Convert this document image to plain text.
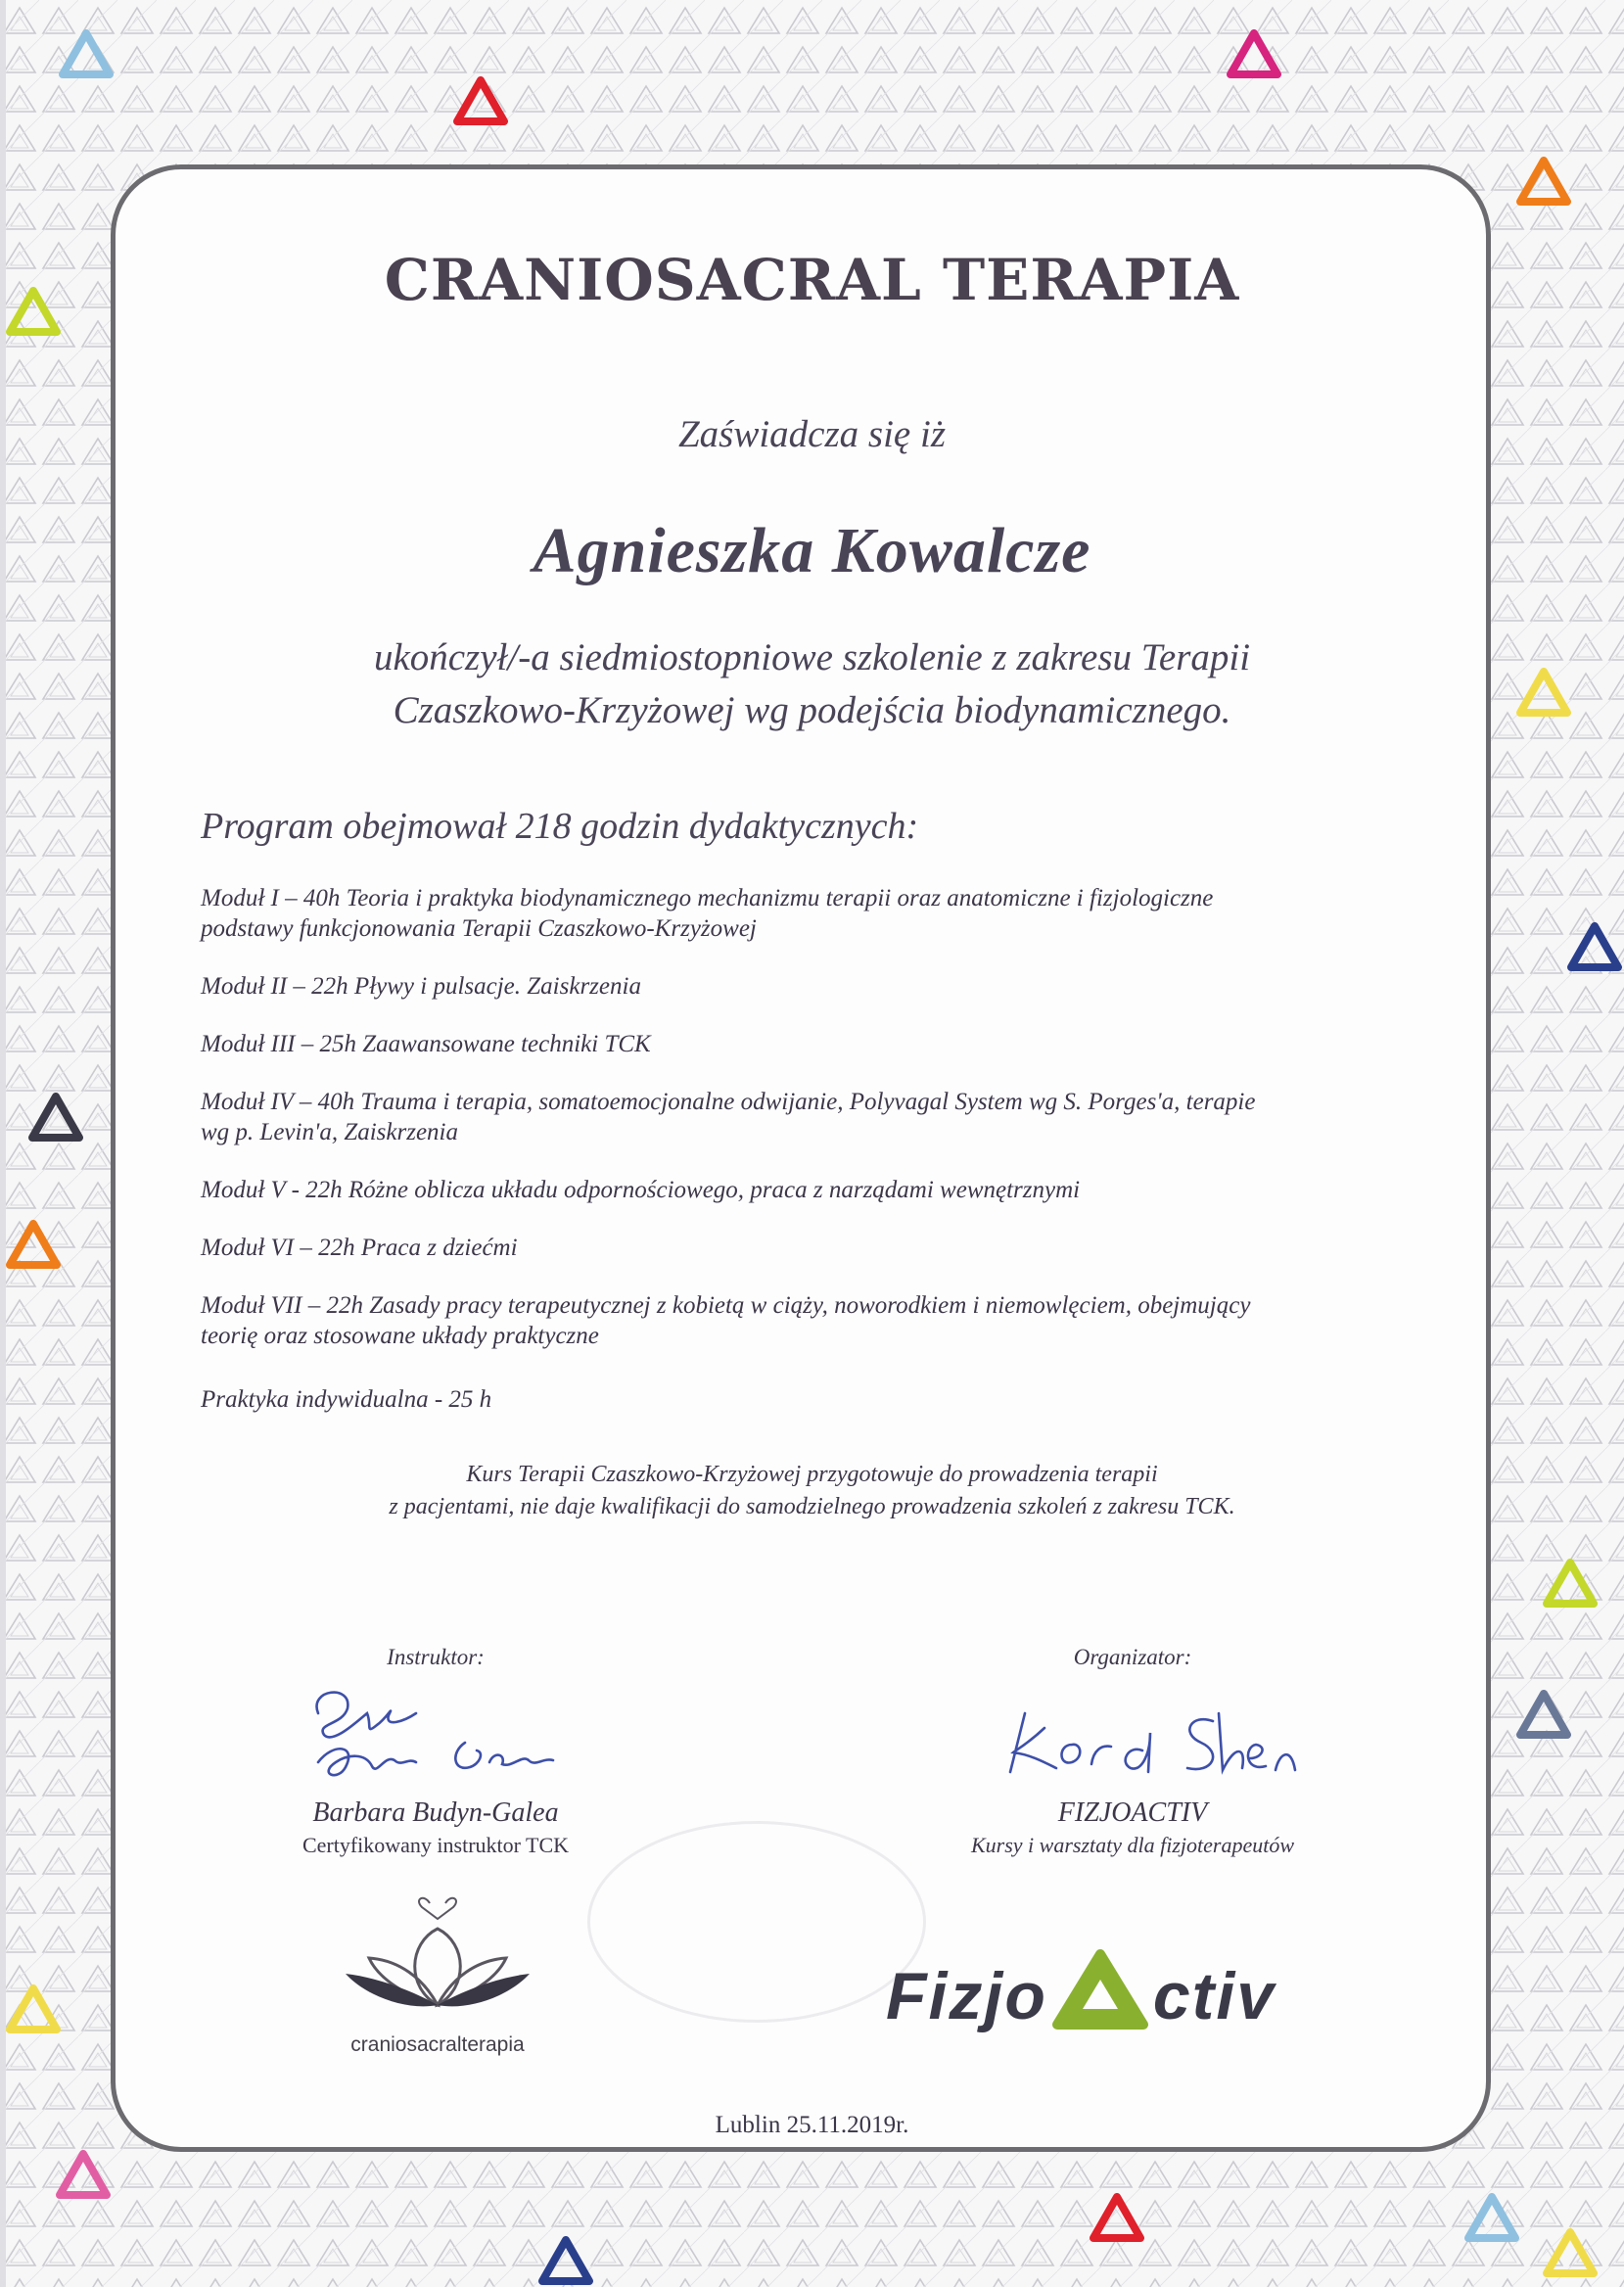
CRANIOSACRAL TERAPIA
Zaświadcza się iż
Agnieszka Kowalcze
ukończył/-a siedmiostopniowe szkolenie z zakresu Terapii
Czaszkowo-Krzyżowej wg podejścia biodynamicznego.
Program obejmował 218 godzin dydaktycznych:
Moduł I – 40h Teoria i praktyka biodynamicznego mechanizmu terapii oraz anatomiczne i fizjologiczne
podstawy funkcjonowania Terapii Czaszkowo-Krzyżowej
Moduł II – 22h Pływy i pulsacje. Zaiskrzenia
Moduł III – 25h Zaawansowane techniki TCK
Moduł IV – 40h Trauma i terapia, somatoemocjonalne odwijanie, Polyvagal System wg S. Porges'a, terapie
wg p. Levin'a, Zaiskrzenia
Moduł V - 22h Różne oblicza układu odpornościowego, praca z narządami wewnętrznymi
Moduł VI – 22h Praca z dziećmi
Moduł VII – 22h Zasady pracy terapeutycznej z kobietą w ciąży, noworodkiem i niemowlęciem, obejmujący
teorię oraz stosowane układy praktyczne
Praktyka indywidualna - 25 h
Kurs Terapii Czaszkowo-Krzyżowej przygotowuje do prowadzenia terapii
z pacjentami, nie daje kwalifikacji do samodzielnego prowadzenia szkoleń z zakresu TCK.
Instruktor:
Barbara Budyn-Galea
Certyfikowany instruktor TCK
Organizator:
FIZJOACTIV
Kursy i warsztaty dla fizjoterapeutów
craniosacralterapia
Fizjo ctiv
Lublin 25.11.2019r.
